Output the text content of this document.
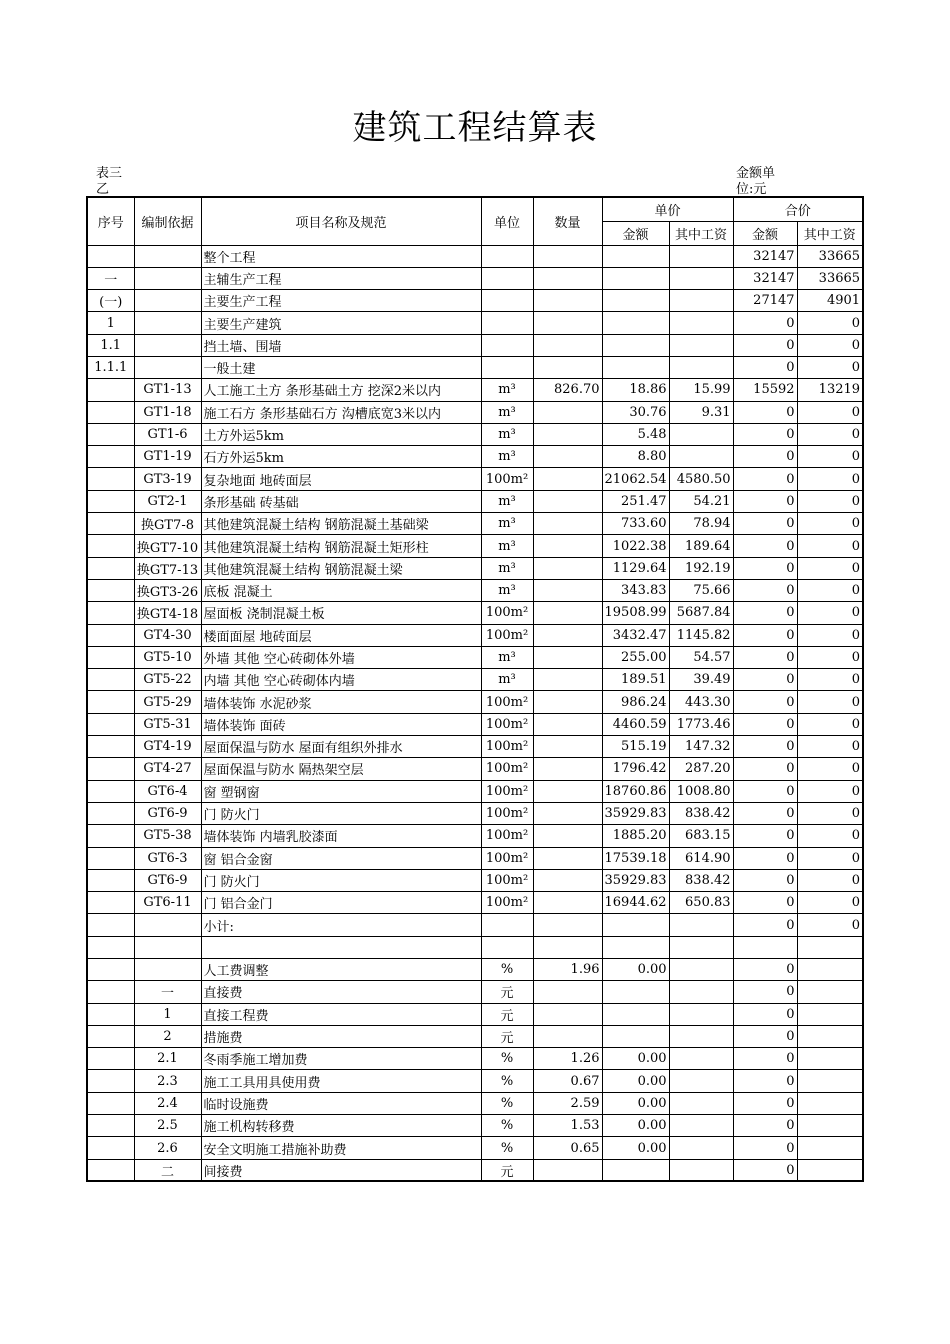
建筑工程结算表
表三乙
金额单位:元
序号	编制依据	项目名称及规范	单位	数量	单价		合价	
					金额	其中工资	金额	其中工资
		整个工程					32147	33665
一		主辅生产工程					32147	33665
(一)		主要生产工程					27147	4901
1		主要生产建筑					0	0
1.1		挡土墙、围墙					0	0
1.1.1		一般土建					0	0
	GT1-13	人工施工土方 条形基础土方 挖深2米以内	m³	826.70	18.86	15.99	15592	13219
	GT1-18	施工石方 条形基础石方 沟槽底宽3米以内	m³		30.76	9.31	0	0
	GT1-6	土方外运5km	m³		5.48		0	0
	GT1-19	石方外运5km	m³		8.80		0	0
	GT3-19	复杂地面 地砖面层	100m²		21062.54	4580.50	0	0
	GT2-1	条形基础 砖基础	m³		251.47	54.21	0	0
	换GT7-8	其他建筑混凝土结构 钢筋混凝土基础梁	m³		733.60	78.94	0	0
	换GT7-10	其他建筑混凝土结构 钢筋混凝土矩形柱	m³		1022.38	189.64	0	0
	换GT7-13	其他建筑混凝土结构 钢筋混凝土梁	m³		1129.64	192.19	0	0
	换GT3-26	底板 混凝土	m³		343.83	75.66	0	0
	换GT4-18	屋面板 浇制混凝土板	100m²		19508.99	5687.84	0	0
	GT4-30	楼面面屋 地砖面层	100m²		3432.47	1145.82	0	0
	GT5-10	外墙 其他 空心砖砌体外墙	m³		255.00	54.57	0	0
	GT5-22	内墙 其他 空心砖砌体内墙	m³		189.51	39.49	0	0
	GT5-29	墙体装饰 水泥砂浆	100m²		986.24	443.30	0	0
	GT5-31	墙体装饰 面砖	100m²		4460.59	1773.46	0	0
	GT4-19	屋面保温与防水 屋面有组织外排水	100m²		515.19	147.32	0	0
	GT4-27	屋面保温与防水 隔热架空层	100m²		1796.42	287.20	0	0
	GT6-4	窗 塑钢窗	100m²		18760.86	1008.80	0	0
	GT6-9	门 防火门	100m²		35929.83	838.42	0	0
	GT5-38	墙体装饰 内墙乳胶漆面	100m²		1885.20	683.15	0	0
	GT6-3	窗 铝合金窗	100m²		17539.18	614.90	0	0
	GT6-9	门 防火门	100m²		35929.83	838.42	0	0
	GT6-11	门 铝合金门	100m²		16944.62	650.83	0	0
		小计:					0	0

		人工费调整	%	1.96	0.00		0	
	一	直接费	元				0	
	1	直接工程费	元				0	
	2	措施费	元				0	
	2.1	冬雨季施工增加费	%	1.26	0.00		0	
	2.3	施工工具用具使用费	%	0.67	0.00		0	
	2.4	临时设施费	%	2.59	0.00		0	
	2.5	施工机构转移费	%	1.53	0.00		0	
	2.6	安全文明施工措施补助费	%	0.65	0.00		0	
	二	间接费	元				0	
